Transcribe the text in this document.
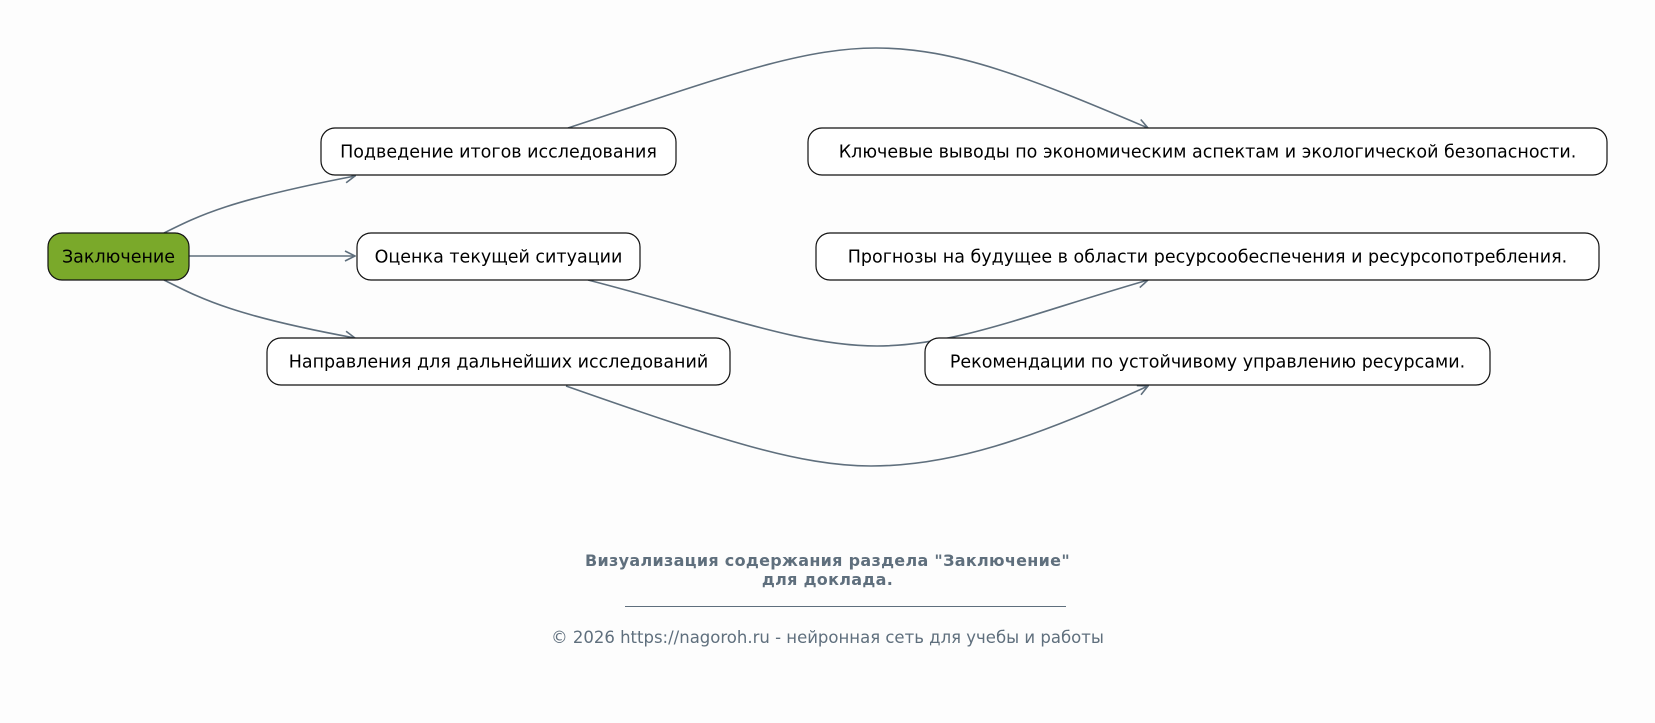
Заключение
Подведение итогов исследования
Оценка текущей ситуации
Направления для дальнейших исследований
Ключевые выводы по экономическим аспектам и экологической безопасности.
Прогнозы на будущее в области ресурсообеспечения и ресурсопотребления.
Рекомендации по устойчивому управлению ресурсами.
Визуализация содержания раздела "Заключение"
для доклада.
© 2026 https://nagoroh.ru - нейронная сеть для учебы и работы
